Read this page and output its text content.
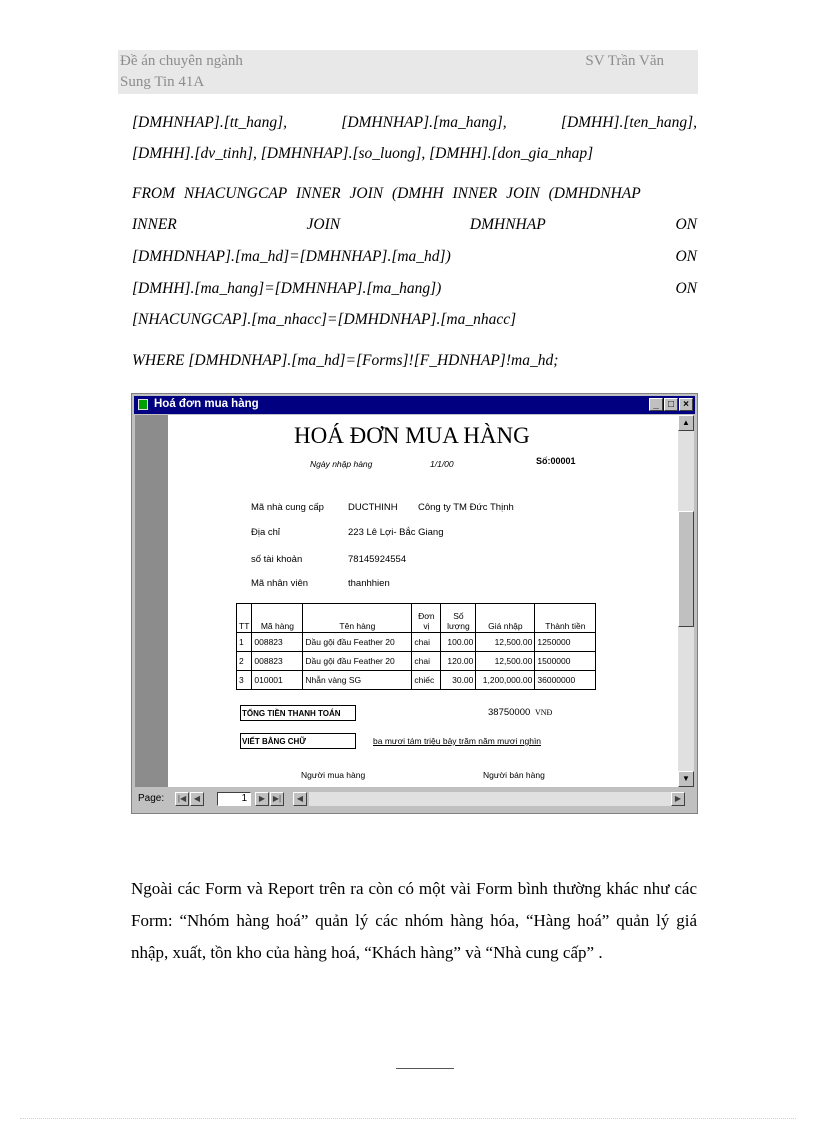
Đề án chuyên ngành	SV Trần Văn
Sung Tin 41A
[DMHNHAP].[tt_hang],	[DMHNHAP].[ma_hang],	[DMHH].[ten_hang],
[DMHH].[dv_tinh], [DMHNHAP].[so_luong], [DMHH].[don_gia_nhap]
FROM NHACUNGCAP INNER JOIN (DMHH INNER JOIN (DMHDNHAP
INNER	JOIN	DMHNHAP	ON
[DMHDNHAP].[ma_hd]=[DMHNHAP].[ma_hd])	ON
[DMHH].[ma_hang]=[DMHNHAP].[ma_hang])	ON
[NHACUNGCAP].[ma_nhacc]=[DMHDNHAP].[ma_nhacc]
WHERE [DMHDNHAP].[ma_hd]=[Forms]![F_HDNHAP]!ma_hd;
Hoá đơn mua hàng	_ □ ×
HOÁ ĐƠN MUA HÀNG
Ngày nhập hàng	1/1/00	Số:00001
Mã nhà cung cấp	DUCTHINH Công ty TM Đức Thịnh
Địa chỉ	223 Lê Lợi- Bắc Giang
số tài khoản	78145924554
Mã nhân viên	thanhhien
TT	Mã hàng	Tên hàng	Đơn vị	Số lượng	Giá nhập	Thành tiền
1	008823	Dầu gội đầu Feather 20	chai	100.00	12,500.00	1250000
2	008823	Dầu gội đầu Feather 20	chai	120.00	12,500.00	1500000
3	010001	Nhẫn vàng SG	chiếc	30.00	1,200,000.00	36000000
TỔNG TIỀN THANH TOÁN	38750000 VNĐ
VIẾT BẰNG CHỮ	ba mươi tám triệu bảy trăm năm mươi nghìn
Người mua hàng	Người bán hàng
▲
▼
Page:	|◀ ◀	1	▶ ▶|	◀	▶
Ngoài các Form và Report trên ra còn có một vài Form bình thường khác như các Form: “Nhóm hàng hoá” quản lý các nhóm hàng hóa, “Hàng hoá” quản lý giá nhập, xuất, tồn kho của hàng hoá, “Khách hàng” và “Nhà cung cấp” .
